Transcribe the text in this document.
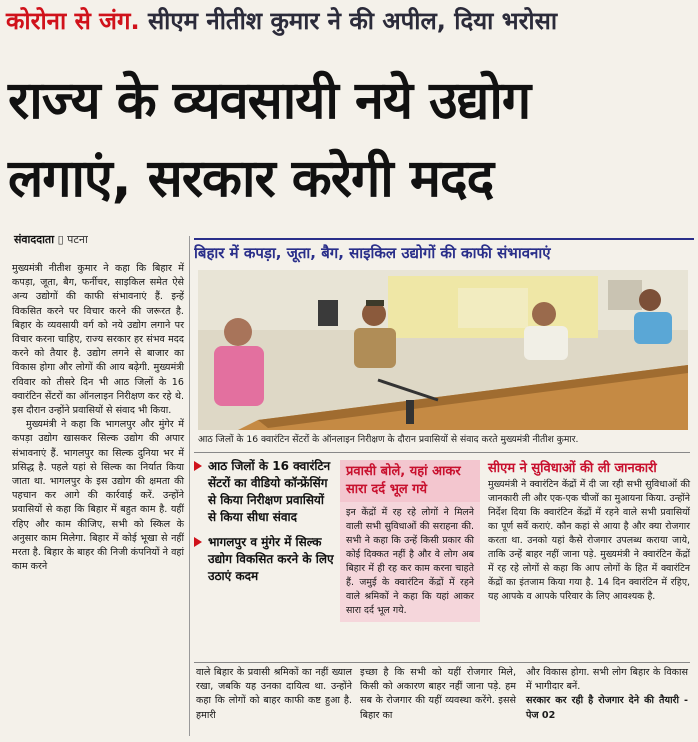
कोरोना से जंग. सीएम नीतीश कुमार ने की अपील, दिया भरोसा
राज्य के व्यवसायी नये उद्योग
लगाएं, सरकार करेगी मदद
संवाददाता ▯ पटना

मुख्यमंत्री नीतीश कुमार ने कहा कि बिहार में कपड़ा, जूता, बैग, फर्नीचर, साइकिल समेत ऐसे अन्य उद्योगों की काफी संभावनाएं हैं. इन्हें विकसित करने पर विचार करने की जरूरत है. बिहार के व्यवसायी वर्ग को नये उद्योग लगाने पर विचार करना चाहिए, राज्य सरकार हर संभव मदद करने को तैयार है. उद्योग लगने से बाजार का विकास होगा और लोगों की आय बढ़ेगी. मुख्यमंत्री रविवार को तीसरे दिन भी आठ जिलों के 16 क्वारंटिन सेंटरों का ऑनलाइन निरीक्षण कर रहे थे. इस दौरान उन्होंने प्रवासियों से संवाद भी किया.

मुख्यमंत्री ने कहा कि भागलपुर और मुंगेर में कपड़ा उद्योग खासकर सिल्क उद्योग की अपार संभावनाएं हैं. भागलपुर का सिल्क दुनिया भर में प्रसिद्ध है. पहले यहां से सिल्क का निर्यात किया जाता था. भागलपुर के इस उद्योग की क्षमता की पहचान कर आगे की कार्रवाई करें. उन्होंने प्रवासियों से कहा कि बिहार में बहुत काम है. यहीं रहिए और काम कीजिए, सभी को स्किल के अनुसार काम मिलेगा. बिहार में कोई भूखा से नहीं मरता है. बिहार के बाहर की निजी कंपनियों ने वहां काम करने

बिहार में कपड़ा, जूता, बैग, साइकिल उद्योगों की काफी संभावनाएं
आठ जिलों के 16 क्वारंटिन सेंटरों के ऑनलाइन निरीक्षण के दौरान प्रवासियों से संवाद करते मुख्यमंत्री नीतीश कुमार.
आठ जिलों के 16 क्वारंटिन सेंटरों का वीडियो कॉन्फ्रेंसिंग से किया निरीक्षण प्रवासियों से किया सीधा संवाद
भागलपुर व मुंगेर में सिल्क उद्योग विकसित करने के लिए उठाएं कदम
प्रवासी बोले, यहां आकर सारा दर्द भूल गये
इन केंद्रों में रह रहे लोगों ने मिलने वाली सभी सुविधाओं की सराहना की. सभी ने कहा कि उन्हें किसी प्रकार की कोई दिक्कत नहीं है और वे लोग अब बिहार में ही रह कर काम करना चाहते हैं. जमुई के क्वारंटिन केंद्रों में रहने वाले श्रमिकों ने कहा कि यहां आकर सारा दर्द भूल गये.
सीएम ने सुविधाओं की ली जानकारी
मुख्यमंत्री ने क्वारंटिन केंद्रों में दी जा रही सभी सुविधाओं की जानकारी ली और एक-एक चीजों का मुआयना किया. उन्होंने निर्देश दिया कि क्वारंटिन केंद्रों में रहने वाले सभी प्रवासियों का पूर्ण सर्वे कराएं. कौन कहां से आया है और क्या रोजगार करता था. उनको यहां कैसे रोजगार उपलब्ध कराया जाये, ताकि उन्हें बाहर नहीं जाना पड़े. मुख्यमंत्री ने क्वारंटिन केंद्रों में रह रहे लोगों से कहा कि आप लोगों के हित में क्वारंटिन केंद्रों का इंतजाम किया गया है. 14 दिन क्वारंटिन में रहिए, यह आपके व आपके परिवार के लिए आवश्यक है.
वाले बिहार के प्रवासी श्रमिकों का नहीं ख्याल रखा, जबकि यह उनका दायित्व था. उन्होंने कहा कि लोगों को बाहर काफी कष्ट हुआ है. हमारी
इच्छा है कि सभी को यहीं रोजगार मिले, किसी को अकारण बाहर नहीं जाना पड़े. हम सब के रोजगार की यहीं व्यवस्था करेंगे. इससे बिहार का
और विकास होगा. सभी लोग बिहार के विकास में भागीदार बनें.
सरकार कर रही है रोजगार देने की तैयारी - पेज 02
